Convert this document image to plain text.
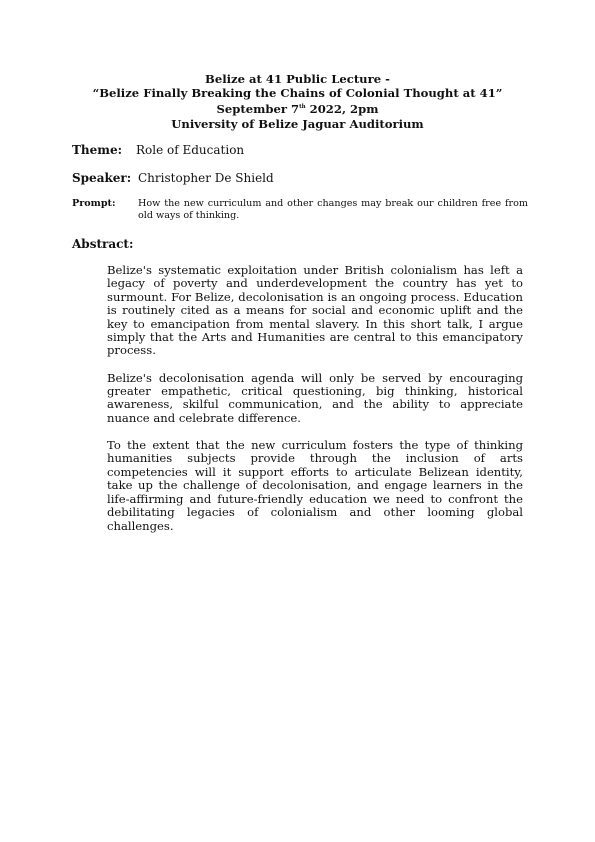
Belize at 41 Public Lecture -
“Belize Finally Breaking the Chains of Colonial Thought at 41”
September 7th 2022, 2pm
University of Belize Jaguar Auditorium
Theme: Role of Education
Speaker: Christopher De Shield
Prompt: How the new curriculum and other changes may break our children free from old ways of thinking.
Abstract:

Belize's systematic exploitation under British colonialism has left a legacy of poverty and underdevelopment the country has yet to surmount. For Belize, decolonisation is an ongoing process. Education is routinely cited as a means for social and economic uplift and the key to emancipation from mental slavery. In this short talk, I argue simply that the Arts and Humanities are central to this emancipatory process.

Belize's decolonisation agenda will only be served by encouraging greater empathetic, critical questioning, big thinking, historical awareness, skilful communication, and the ability to appreciate nuance and celebrate difference.

To the extent that the new curriculum fosters the type of thinking humanities subjects provide through the inclusion of arts competencies will it support efforts to articulate Belizean identity, take up the challenge of decolonisation, and engage learners in the life-affirming and future-friendly education we need to confront the debilitating legacies of colonialism and other looming global challenges.
